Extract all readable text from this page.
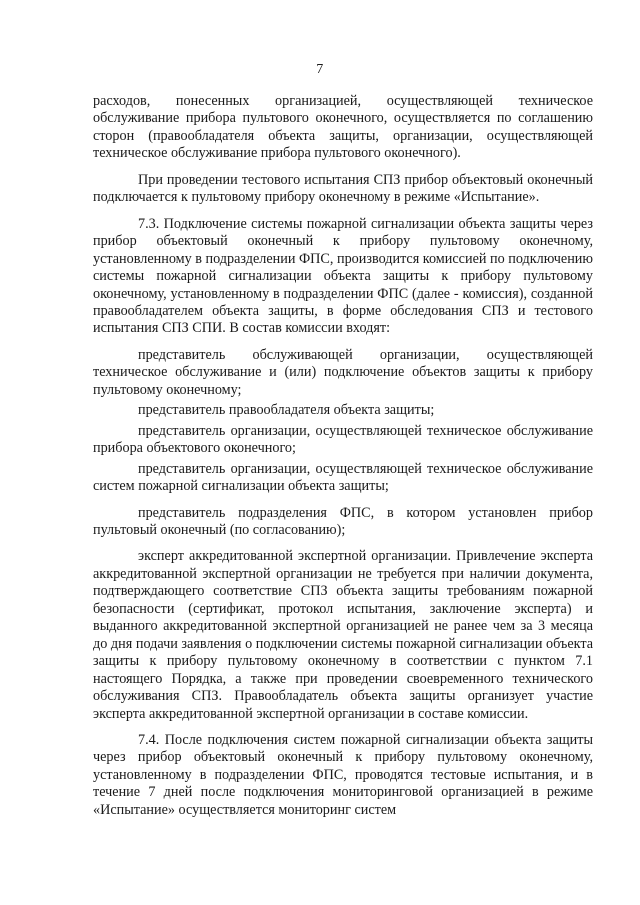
7

расходов, понесенных организацией, осуществляющей техническое обслуживание прибора пультового оконечного, осуществляется по соглашению сторон (правообладателя объекта защиты, организации, осуществляющей техническое обслуживание прибора пультового оконечного).

При проведении тестового испытания СПЗ прибор объектовый оконечный подключается к пультовому прибору оконечному в режиме «Испытание».

7.3. Подключение системы пожарной сигнализации объекта защиты через прибор объектовый оконечный к прибору пультовому оконечному, установленному в подразделении ФПС, производится комиссией по подключению системы пожарной сигнализации объекта защиты к прибору пультовому оконечному, установленному в подразделении ФПС (далее - комиссия), созданной правообладателем объекта защиты, в форме обследования СПЗ и тестового испытания СПЗ СПИ. В состав комиссии входят:

представитель обслуживающей организации, осуществляющей техническое обслуживание и (или) подключение объектов защиты к прибору пультовому оконечному;

представитель правообладателя объекта защиты;

представитель организации, осуществляющей техническое обслуживание прибора объектового оконечного;

представитель организации, осуществляющей техническое обслуживание систем пожарной сигнализации объекта защиты;

представитель подразделения ФПС, в котором установлен прибор пультовый оконечный (по согласованию);

эксперт аккредитованной экспертной организации. Привлечение эксперта аккредитованной экспертной организации не требуется при наличии документа, подтверждающего соответствие СПЗ объекта защиты требованиям пожарной безопасности (сертификат, протокол испытания, заключение эксперта) и выданного аккредитованной экспертной организацией не ранее чем за 3 месяца до дня подачи заявления о подключении системы пожарной сигнализации объекта защиты к прибору пультовому оконечному в соответствии с пунктом 7.1 настоящего Порядка, а также при проведении своевременного технического обслуживания СПЗ. Правообладатель объекта защиты организует участие эксперта аккредитованной экспертной организации в составе комиссии.

7.4. После подключения систем пожарной сигнализации объекта защиты через прибор объектовый оконечный к прибору пультовому оконечному, установленному в подразделении ФПС, проводятся тестовые испытания, и в течение 7 дней после подключения мониторинговой организацией в режиме «Испытание» осуществляется мониторинг систем
